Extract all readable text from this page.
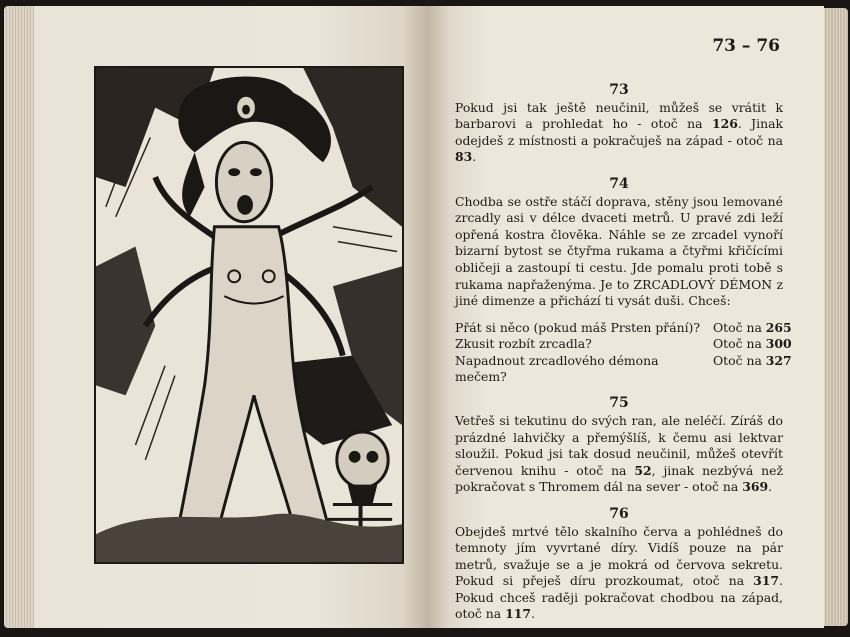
73 – 76
73

Pokud jsi tak ještě neučinil, můžeš se vrátit k barbarovi a prohledat ho - otoč na 126. Jinak odejdeš z místnosti a pokračuješ na západ - otoč na 83.

74

Chodba se ostře stáčí doprava, stěny jsou lemované zrcadly asi v délce dvaceti metrů. U pravé zdi leží opřená kostra člověka. Náhle se ze zrcadel vynoří bizarní bytost se čtyřma rukama a čtyřmi křičícími obličeji a zastoupí ti cestu. Jde pomalu proti tobě s rukama napřaženýma. Je to ZRCADLOVÝ DÉMON z jiné dimenze a přichází ti vysát duši. Chceš:

Přát si něco (pokud máš Prsten přání)? Otoč na 265
Zkusit rozbít zrcadla?	Otoč na 300
Napadnout zrcadlového démona mečem?
Otoč na 327
75

Vetřeš si tekutinu do svých ran, ale neléčí. Zíráš do prázdné lahvičky a přemýšlíš, k čemu asi lektvar sloužil. Pokud jsi tak dosud neučinil, můžeš otevřít červenou knihu - otoč na 52, jinak nezbývá než pokračovat s Thromem dál na sever - otoč na 369.

76

Obejdeš mrtvé tělo skalního červa a pohlédneš do temnoty jím vyvrtané díry. Vidíš pouze na pár metrů, svažuje se a je mokrá od červova sekretu. Pokud si přeješ díru prozkoumat, otoč na 317. Pokud chceš raději pokračovat chodbou na západ, otoč na 117.
